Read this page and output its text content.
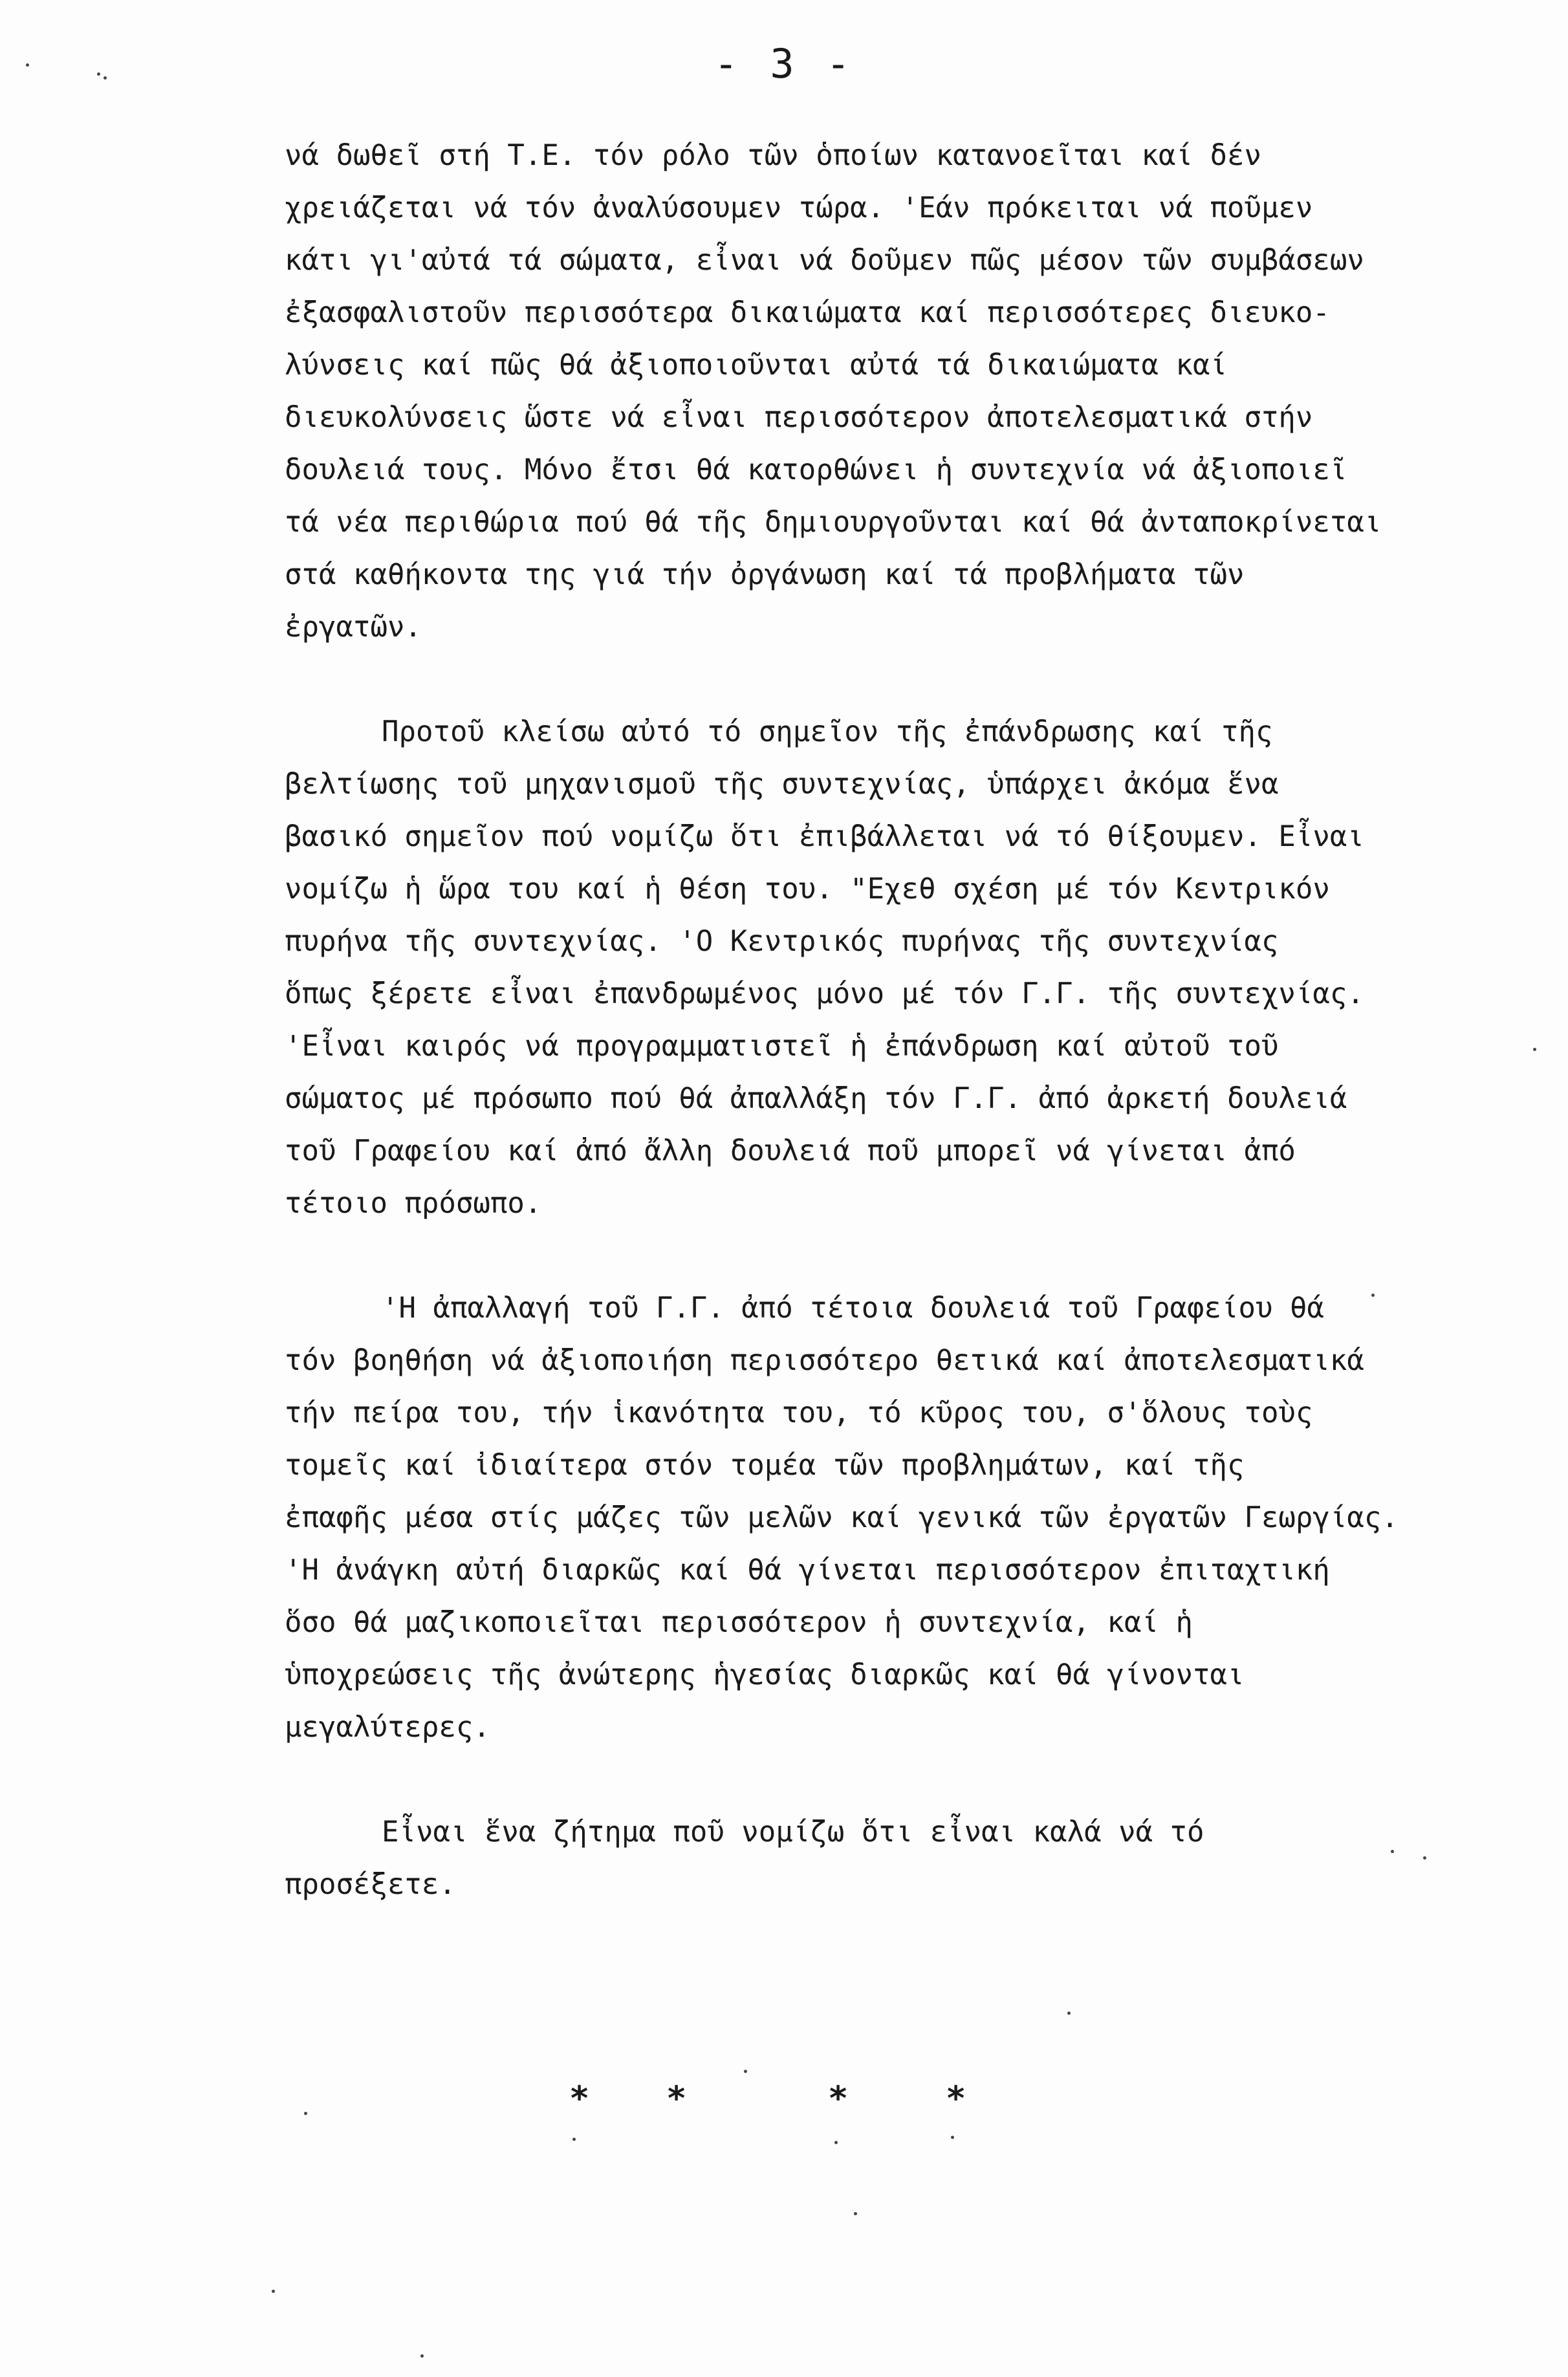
- 3 -

νά δωθεῖ στή Τ.Ε. τόν ρόλο τῶν ὁποίων κατανοεῖται καί δέν
χρειάζεται νά τόν ἀναλύσουμεν τώρα. 'Εάν πρόκειται νά ποῦμεν
κάτι γι'αὐτά τά σώματα, εἶναι νά δοῦμεν πῶς μέσον τῶν συμβάσεων
ἐξασφαλιστοῦν περισσότερα δικαιώματα καί περισσότερες διευκο-
λύνσεις καί πῶς θά ἀξιοποιοῦνται αὐτά τά δικαιώματα καί
διευκολύνσεις ὥστε νά εἶναι περισσότερον ἀποτελεσματικά στήν
δουλειά τους. Μόνο ἔτσι θά κατορθώνει ἡ συντεχνία νά ἀξιοποιεῖ
τά νέα περιθώρια πού θά τῆς δημιουργοῦνται καί θά ἀνταποκρίνεται
στά καθήκοντα της γιά τήν ὀργάνωση καί τά προβλήματα τῶν
ἐργατῶν.

Προτοῦ κλείσω αὐτό τό σημεῖον τῆς ἐπάνδρωσης καί τῆς
βελτίωσης τοῦ μηχανισμοῦ τῆς συντεχνίας, ὑπάρχει ἀκόμα ἕνα
βασικό σημεῖον πού νομίζω ὅτι ἐπιβάλλεται νά τό θίξουμεν. Εἶναι
νομίζω ἡ ὥρα του καί ἡ θέση του. "Εχεθ σχέση μέ τόν Κεντρικόν
πυρήνα τῆς συντεχνίας. 'Ο Κεντρικός πυρήνας τῆς συντεχνίας
ὅπως ξέρετε εἶναι ἐπανδρωμένος μόνο μέ τόν Γ.Γ. τῆς συντεχνίας.
'Εἶναι καιρός νά προγραμματιστεῖ ἡ ἐπάνδρωση καί αὐτοῦ τοῦ
σώματος μέ πρόσωπο πού θά ἀπαλλάξη τόν Γ.Γ. ἀπό ἀρκετή δουλειά
τοῦ Γραφείου καί ἀπό ἄλλη δουλειά ποῦ μπορεῖ νά γίνεται ἀπό
τέτοιο πρόσωπο.

'Η ἀπαλλαγή τοῦ Γ.Γ. ἀπό τέτοια δουλειά τοῦ Γραφείου θά
τόν βοηθήση νά ἀξιοποιήση περισσότερο θετικά καί ἀποτελεσματικά
τήν πείρα του, τήν ἱκανότητα του, τό κῦρος του, σ'ὅλους τοὺς
τομεῖς καί ἰδιαίτερα στόν τομέα τῶν προβλημάτων, καί τῆς
ἐπαφῆς μέσα στίς μάζες τῶν μελῶν καί γενικά τῶν ἐργατῶν Γεωργίας.
'Η ἀνάγκη αὐτή διαρκῶς καί θά γίνεται περισσότερον ἐπιταχτική
ὅσο θά μαζικοποιεῖται περισσότερον ἡ συντεχνία, καί ἡ
ὑποχρεώσεις τῆς ἀνώτερης ἡγεσίας διαρκῶς καί θά γίνονται
μεγαλύτερες.

Εἶναι ἕνα ζήτημα ποῦ νομίζω ὅτι εἶναι καλά νά τό
προσέξετε.

* *	*	*
